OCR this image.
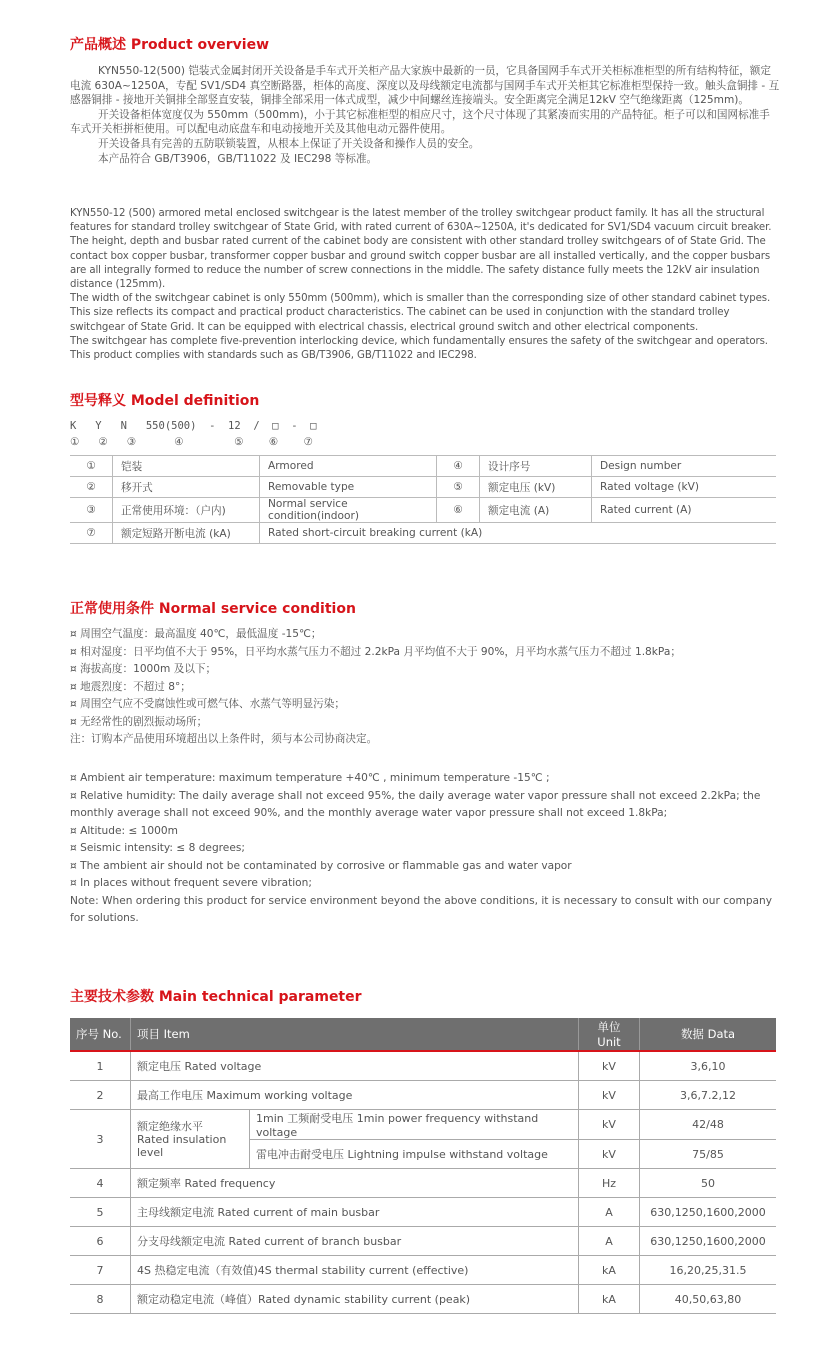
产品概述 Product overview

KYN550-12(500) 铠装式金属封闭开关设备是手车式开关柜产品大家族中最新的一员，它具备国网手车式开关柜标准柜型的所有结构特征，额定电流 630A~1250A，专配 SV1/SD4 真空断路器，柜体的高度、深度以及母线额定电流都与国网手车式开关柜其它标准柜型保持一致。触头盒铜排 - 互感器铜排 - 接地开关铜排全部竖直安装，铜排全部采用一体式成型，减少中间螺丝连接端头。安全距离完全满足12kV 空气绝缘距离（125mm)。

开关设备柜体宽度仅为 550mm（500mm)，小于其它标准柜型的相应尺寸，这个尺寸体现了其紧凑而实用的产品特征。柜子可以和国网标准手车式开关柜拼柜使用。可以配电动底盘车和电动接地开关及其他电动元器件使用。

开关设备具有完善的五防联锁装置，从根本上保证了开关设备和操作人员的安全。

本产品符合 GB/T3906，GB/T11022 及 IEC298 等标准。

KYN550-12 (500) armored metal enclosed switchgear is the latest member of the trolley switchgear product family. It has all the structural features for standard trolley switchgear of State Grid, with rated current of 630A~1250A, it's dedicated for SV1/SD4 vacuum circuit breaker. The height, depth and busbar rated current of the cabinet body are consistent with other standard trolley switchgears of of State Grid. The contact box copper busbar, transformer copper busbar and ground switch copper busbar are all installed vertically, and the copper busbars are all integrally formed to reduce the number of screw connections in the middle. The safety distance fully meets the 12kV air insulation distance (125mm).

The width of the switchgear cabinet is only 550mm (500mm), which is smaller than the corresponding size of other standard cabinet types. This size reflects its compact and practical product characteristics. The cabinet can be used in conjunction with the standard trolley switchgear of State Grid. It can be equipped with electrical chassis, electrical ground switch and other electrical components.

The switchgear has complete five-prevention interlocking device, which fundamentally ensures the safety of the switchgear and operators.

This product complies with standards such as GB/T3906, GB/T11022 and IEC298.

型号释义 Model definition
K   Y   N   550(500)  -  12  /  □  -  □
①   ②   ③      ④        ⑤    ⑥    ⑦
①	铠装	Armored	④	设计序号	Design number
②	移开式	Removable type	⑤	额定电压 (kV)	Rated voltage (kV)
③	正常使用环境：（户内)	Normal service condition(indoor)	⑥	额定电流 (A)	Rated current (A)
⑦	额定短路开断电流 (kA)	Rated short-circuit breaking current (kA)			
正常使用条件 Normal service condition

¤ 周围空气温度：最高温度 40℃，最低温度 -15℃；

¤ 相对湿度：日平均值不大于 95%，日平均水蒸气压力不超过 2.2kPa 月平均值不大于 90%，月平均水蒸气压力不超过 1.8kPa；

¤ 海拔高度：1000m 及以下；

¤ 地震烈度：不超过 8°；

¤ 周围空气应不受腐蚀性或可燃气体、水蒸气等明显污染；

¤ 无经常性的剧烈振动场所；

注：订购本产品使用环境超出以上条件时，须与本公司协商决定。

¤ Ambient air temperature: maximum temperature +40℃ , minimum temperature -15℃ ;

¤ Relative humidity: The daily average shall not exceed 95%, the daily average water vapor pressure shall not exceed 2.2kPa; the monthly average shall not exceed 90%, and the monthly average water vapor pressure shall not exceed 1.8kPa;

¤ Altitude: ≤ 1000m

¤ Seismic intensity: ≤ 8 degrees;

¤ The ambient air should not be contaminated by corrosive or flammable gas and water vapor

¤ In places without frequent severe vibration;

Note: When ordering this product for service environment beyond the above conditions, it is necessary to consult with our company for solutions.

主要技术参数 Main technical parameter
序号 No.	项目 Item		单位 Unit	数据 Data
1	额定电压 Rated voltage		kV	3,6,10
2	最高工作电压 Maximum working voltage		kV	3,6,7.2,12
3	额定绝缘水平
Rated insulation level	1min 工频耐受电压 1min power frequency withstand voltage	kV	42/48
		雷电冲击耐受电压 Lightning impulse withstand voltage	kV	75/85
4	额定频率 Rated frequency		Hz	50
5	主母线额定电流 Rated current of main busbar		A	630,1250,1600,2000
6	分支母线额定电流 Rated current of branch busbar		A	630,1250,1600,2000
7	4S 热稳定电流（有效值)4S thermal stability current (effective)		kA	16,20,25,31.5
8	额定动稳定电流（峰值）Rated dynamic stability current (peak)		kA	40,50,63,80
